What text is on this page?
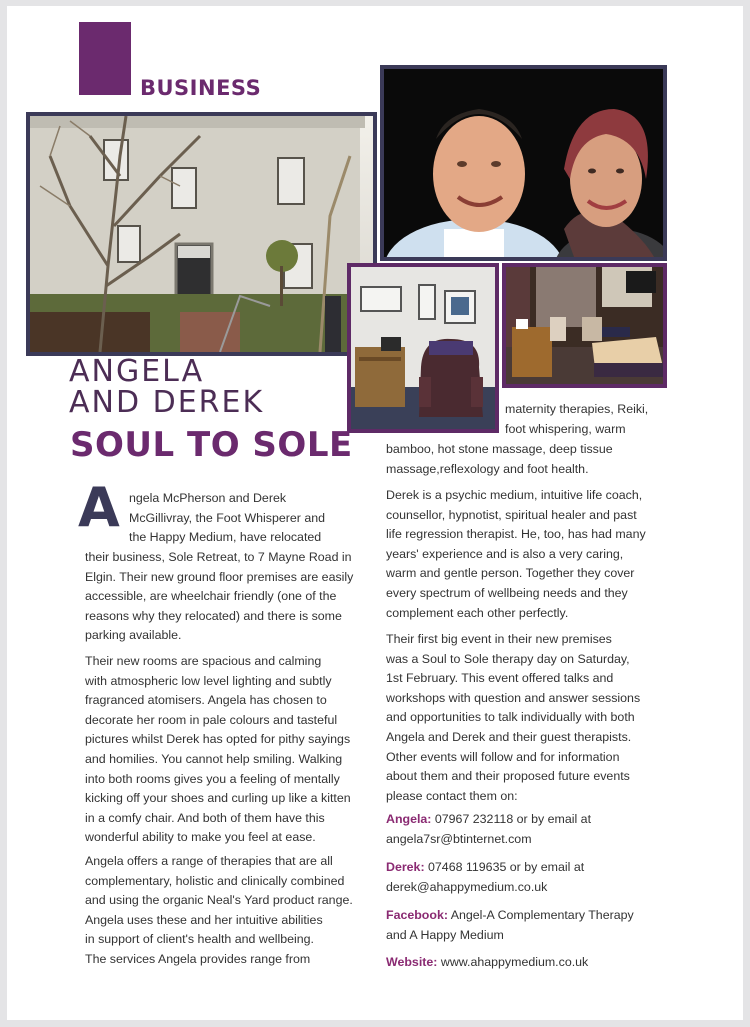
BUSINESS
ANGELA
AND DEREK
SOUL TO SOLE
A ngela McPherson and Derek

McGillivray, the Foot Whisperer and

the Happy Medium, have relocated

their business, Sole Retreat, to 7 Mayne Road in

Elgin. Their new ground floor premises are easily

accessible, are wheelchair friendly (one of the

reasons why they relocated) and there is some

parking available.

Their new rooms are spacious and calming

with atmospheric low level lighting and subtly

fragranced atomisers. Angela has chosen to

decorate her room in pale colours and tasteful

pictures whilst Derek has opted for pithy sayings

and homilies. You cannot help smiling. Walking

into both rooms gives you a feeling of mentally

kicking off your shoes and curling up like a kitten

in a comfy chair. And both of them have this

wonderful ability to make you feel at ease.

Angela offers a range of therapies that are all

complementary, holistic and clinically combined

and using the organic Neal's Yard product range.

Angela uses these and her intuitive abilities

in support of client's health and wellbeing.

The services Angela provides range from

maternity therapies, Reiki,

foot whispering, warm

bamboo, hot stone massage, deep tissue

massage,reflexology and foot health.

Derek is a psychic medium, intuitive life coach,

counsellor, hypnotist, spiritual healer and past

life regression therapist. He, too, has had many

years' experience and is also a very caring,

warm and gentle person. Together they cover

every spectrum of wellbeing needs and they

complement each other perfectly.

Their first big event in their new premises

was a Soul to Sole therapy day on Saturday,

1st February. This event offered talks and

workshops with question and answer sessions

and opportunities to talk individually with both

Angela and Derek and their guest therapists.

Other events will follow and for information

about them and their proposed future events

please contact them on:

Angela: 07967 232118 or by email at

angela7sr@btinternet.com

Derek: 07468 119635 or by email at

derek@ahappymedium.co.uk

Facebook: Angel-A Complementary Therapy

and A Happy Medium

Website: www.ahappymedium.co.uk
